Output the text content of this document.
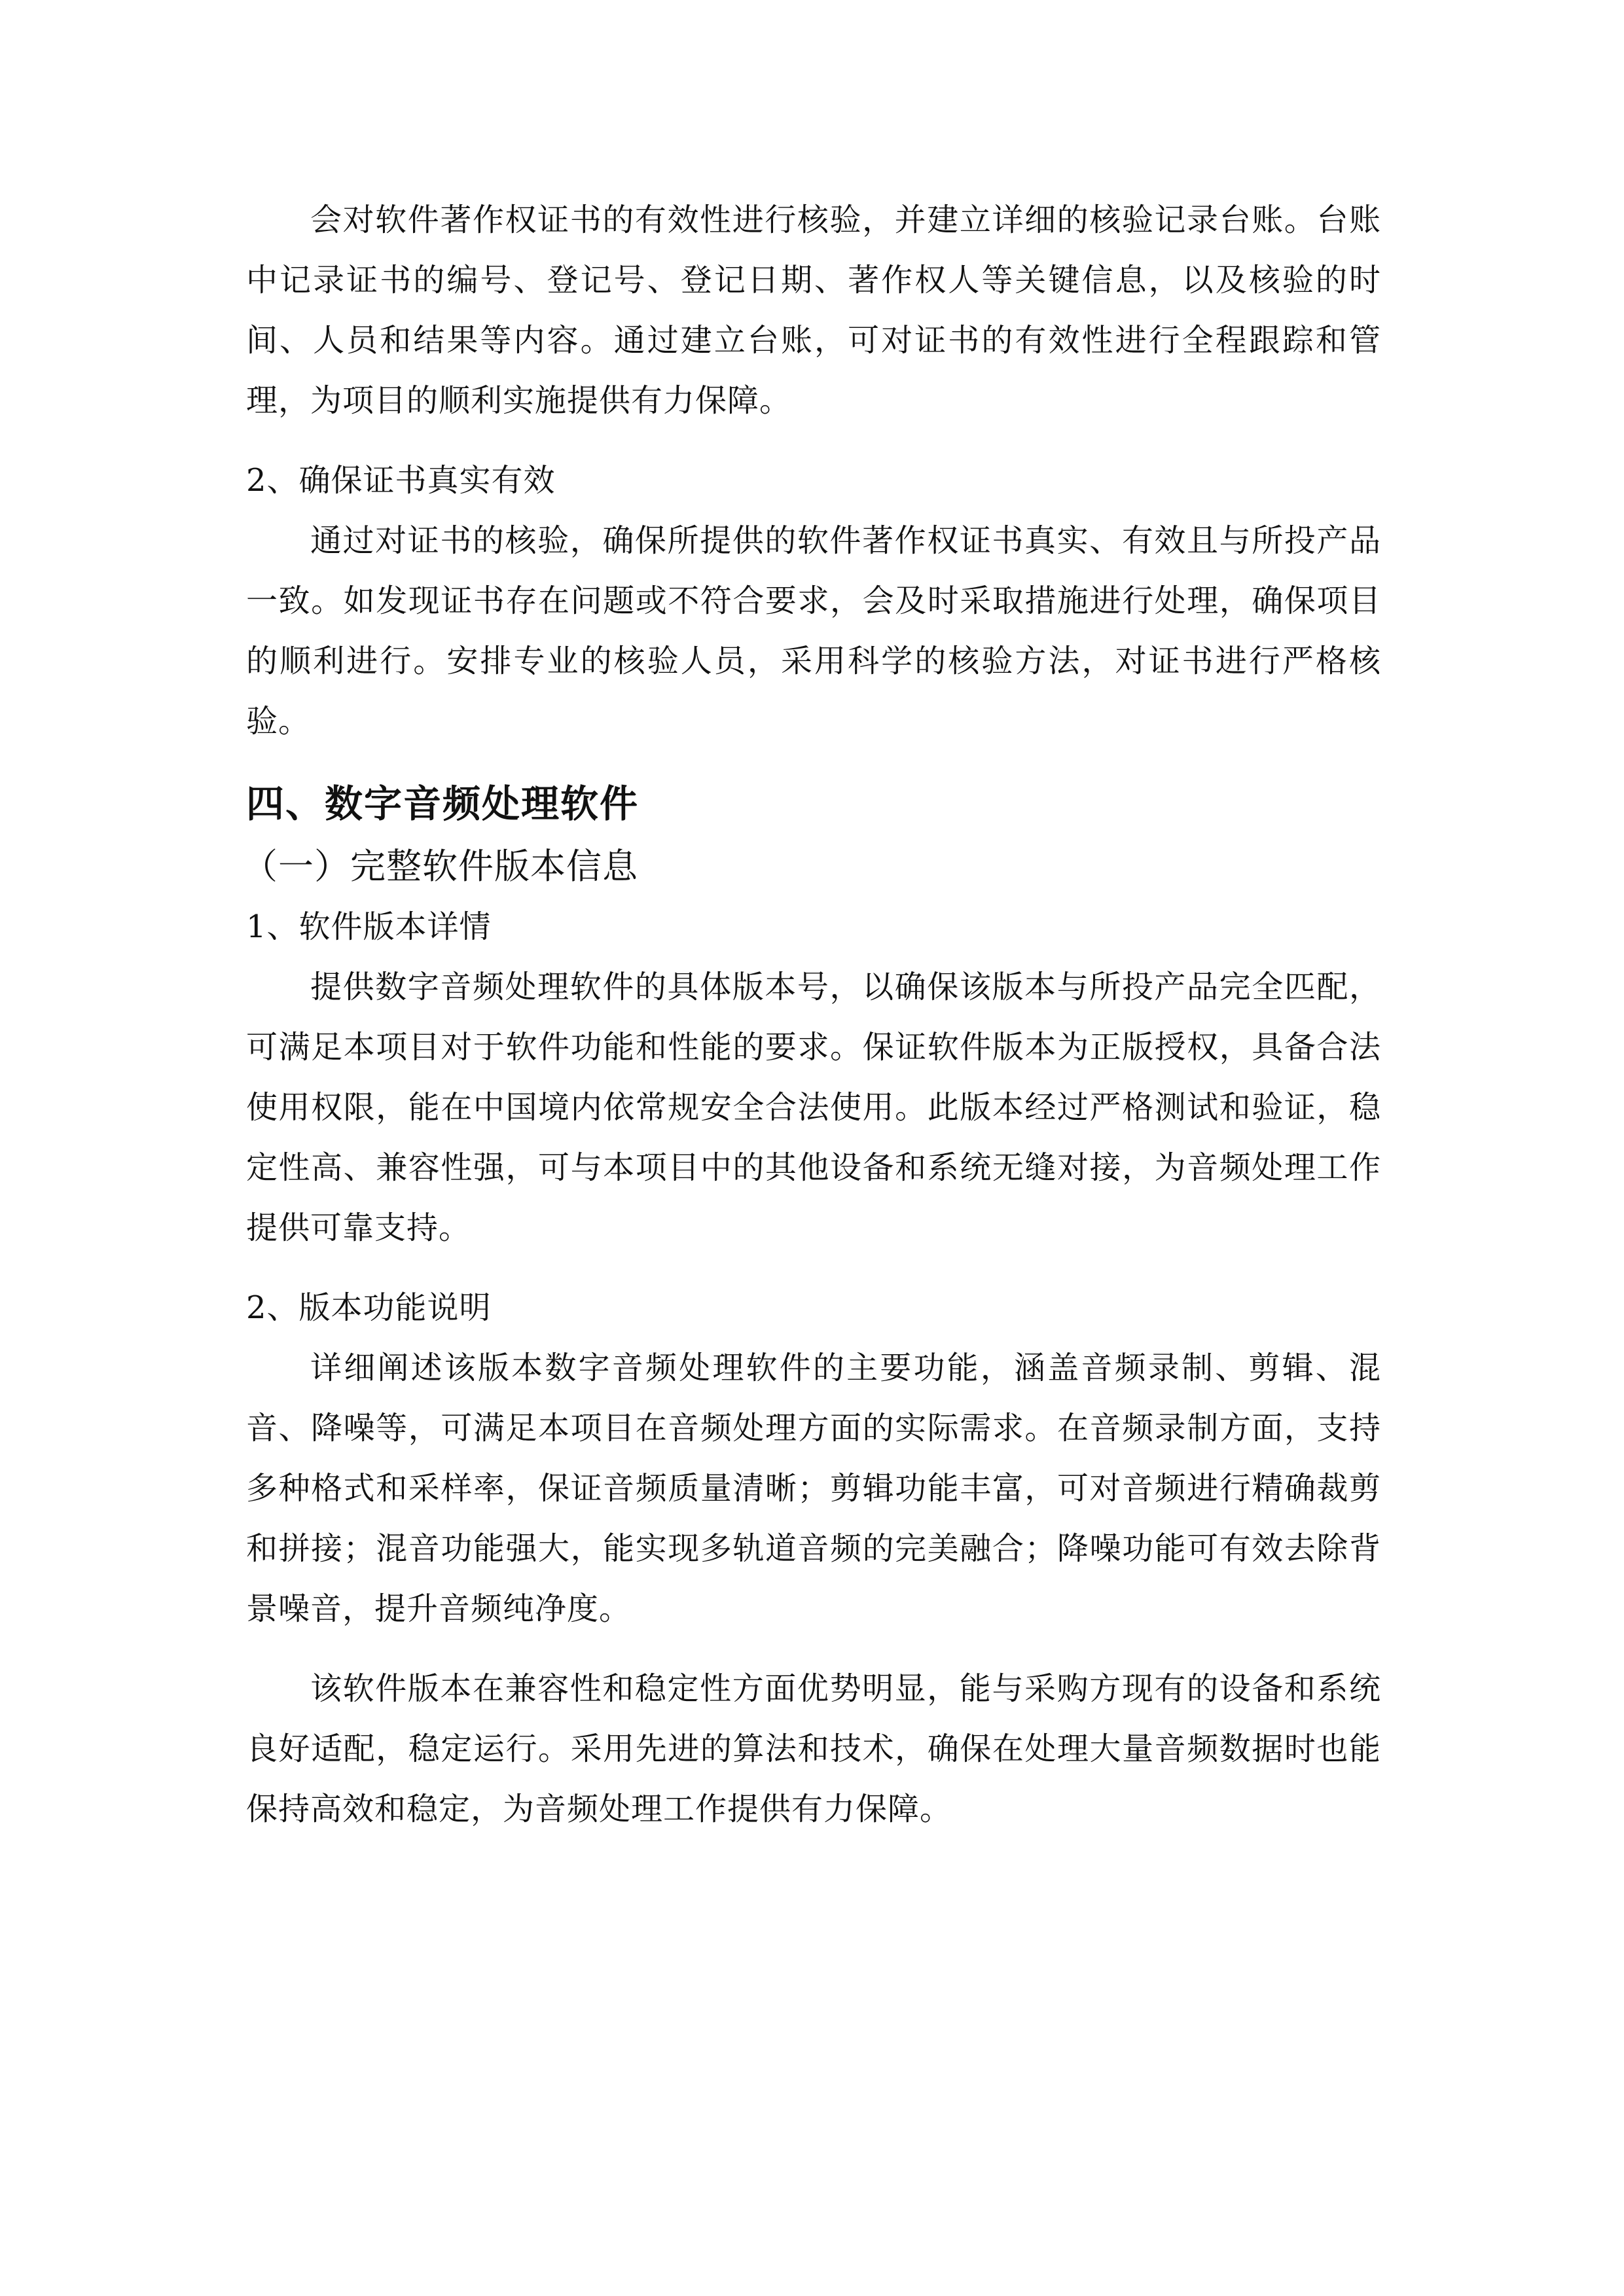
会对软件著作权证书的有效性进行核验，并建立详细的核验记录台账。台账中记录证书的编号、登记号、登记日期、著作权人等关键信息，以及核验的时间、人员和结果等内容。通过建立台账，可对证书的有效性进行全程跟踪和管理，为项目的顺利实施提供有力保障。

2、确保证书真实有效

通过对证书的核验，确保所提供的软件著作权证书真实、有效且与所投产品一致。如发现证书存在问题或不符合要求，会及时采取措施进行处理，确保项目的顺利进行。安排专业的核验人员，采用科学的核验方法，对证书进行严格核验。

四、数字音频处理软件

（一）完整软件版本信息

1、软件版本详情

提供数字音频处理软件的具体版本号，以确保该版本与所投产品完全匹配，可满足本项目对于软件功能和性能的要求。保证软件版本为正版授权，具备合法使用权限，能在中国境内依常规安全合法使用。此版本经过严格测试和验证，稳定性高、兼容性强，可与本项目中的其他设备和系统无缝对接，为音频处理工作提供可靠支持。

2、版本功能说明

详细阐述该版本数字音频处理软件的主要功能，涵盖音频录制、剪辑、混音、降噪等，可满足本项目在音频处理方面的实际需求。在音频录制方面，支持多种格式和采样率，保证音频质量清晰；剪辑功能丰富，可对音频进行精确裁剪和拼接；混音功能强大，能实现多轨道音频的完美融合；降噪功能可有效去除背景噪音，提升音频纯净度。

该软件版本在兼容性和稳定性方面优势明显，能与采购方现有的设备和系统良好适配，稳定运行。采用先进的算法和技术，确保在处理大量音频数据时也能保持高效和稳定，为音频处理工作提供有力保障。
